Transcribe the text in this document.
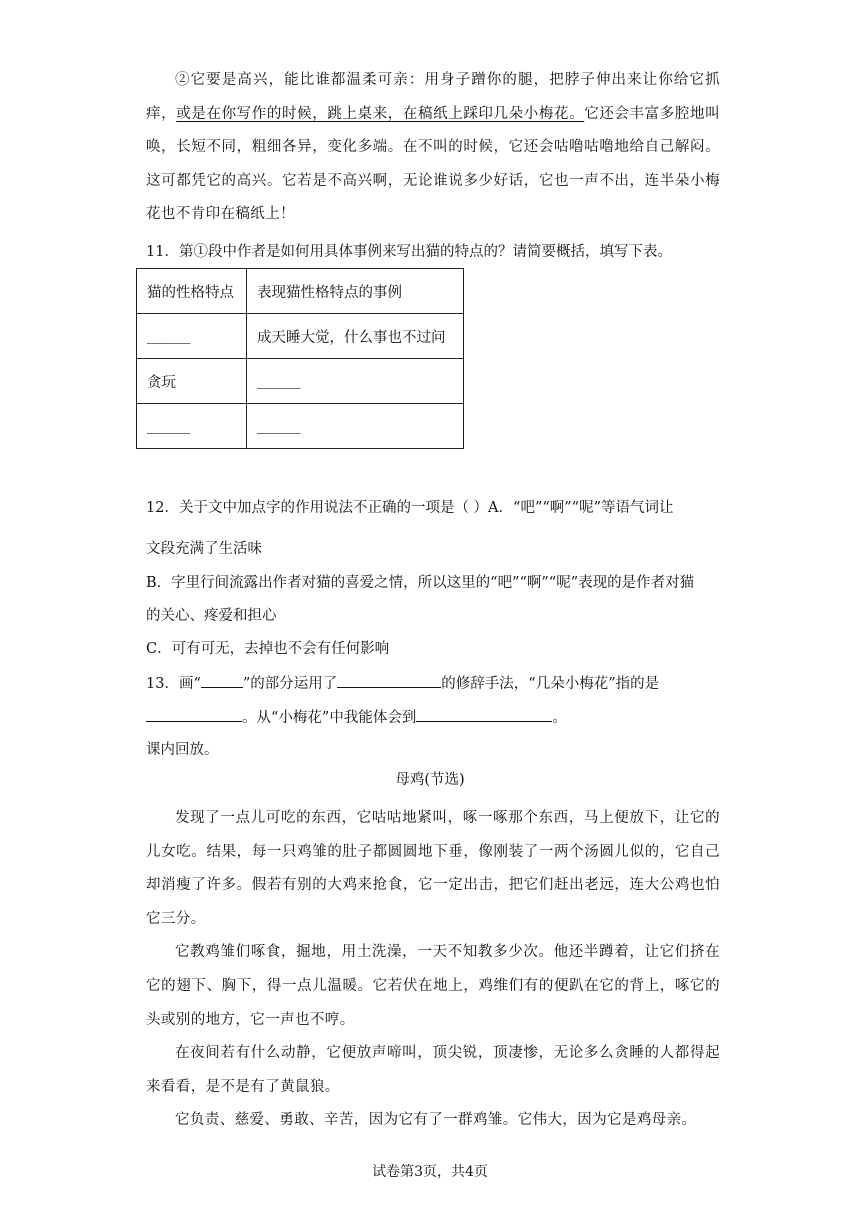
②它要是高兴，能比谁都温柔可亲：用身子蹭你的腿，把脖子伸出来让你给它抓痒，或是在你写作的时候，跳上桌来，在稿纸上踩印几朵小梅花。它还会丰富多腔地叫唤，长短不同，粗细各异，变化多端。在不叫的时候，它还会咕噜咕噜地给自己解闷。这可都凭它的高兴。它若是不高兴啊，无论谁说多少好话，它也一声不出，连半朵小梅花也不肯印在稿纸上！

11．第①段中作者是如何用具体事例来写出猫的特点的？请简要概括，填写下表。
猫的性格特点	表现猫性格特点的事例
______	成天睡大觉，什么事也不过问
贪玩	______
______	______
12．关于文中加点字的作用说法不正确的一项是（ ）A．“吧”“啊”“呢”等语气词让
文段充满了生活味
B．字里行间流露出作者对猫的喜爱之情，所以这里的“吧”“啊”“呢”表现的是作者对猫
的关心、疼爱和担心
C．可有可无，去掉也不会有任何影响
13．画“	”的部分运用了	的修辞手法，“几朵小梅花”指的是
。从“小梅花”中我能体会到	。
课内回放。
母鸡(节选)

发现了一点儿可吃的东西，它咕咕地紧叫，啄一啄那个东西，马上便放下，让它的儿女吃。结果，每一只鸡雏的肚子都圆圆地下垂，像刚装了一两个汤圆儿似的，它自己却消瘦了许多。假若有别的大鸡来抢食，它一定出击，把它们赶出老远，连大公鸡也怕它三分。

它教鸡雏们啄食，掘地，用土洗澡，一天不知教多少次。他还半蹲着，让它们挤在它的翅下、胸下，得一点儿温暖。它若伏在地上，鸡维们有的便趴在它的背上，啄它的头或别的地方，它一声也不哼。

在夜间若有什么动静，它便放声啼叫，顶尖锐，顶凄惨，无论多么贪睡的人都得起来看看，是不是有了黄鼠狼。

它负责、慈爱、勇敢、辛苦，因为它有了一群鸡雏。它伟大，因为它是鸡母亲。

试卷第3页，共4页
